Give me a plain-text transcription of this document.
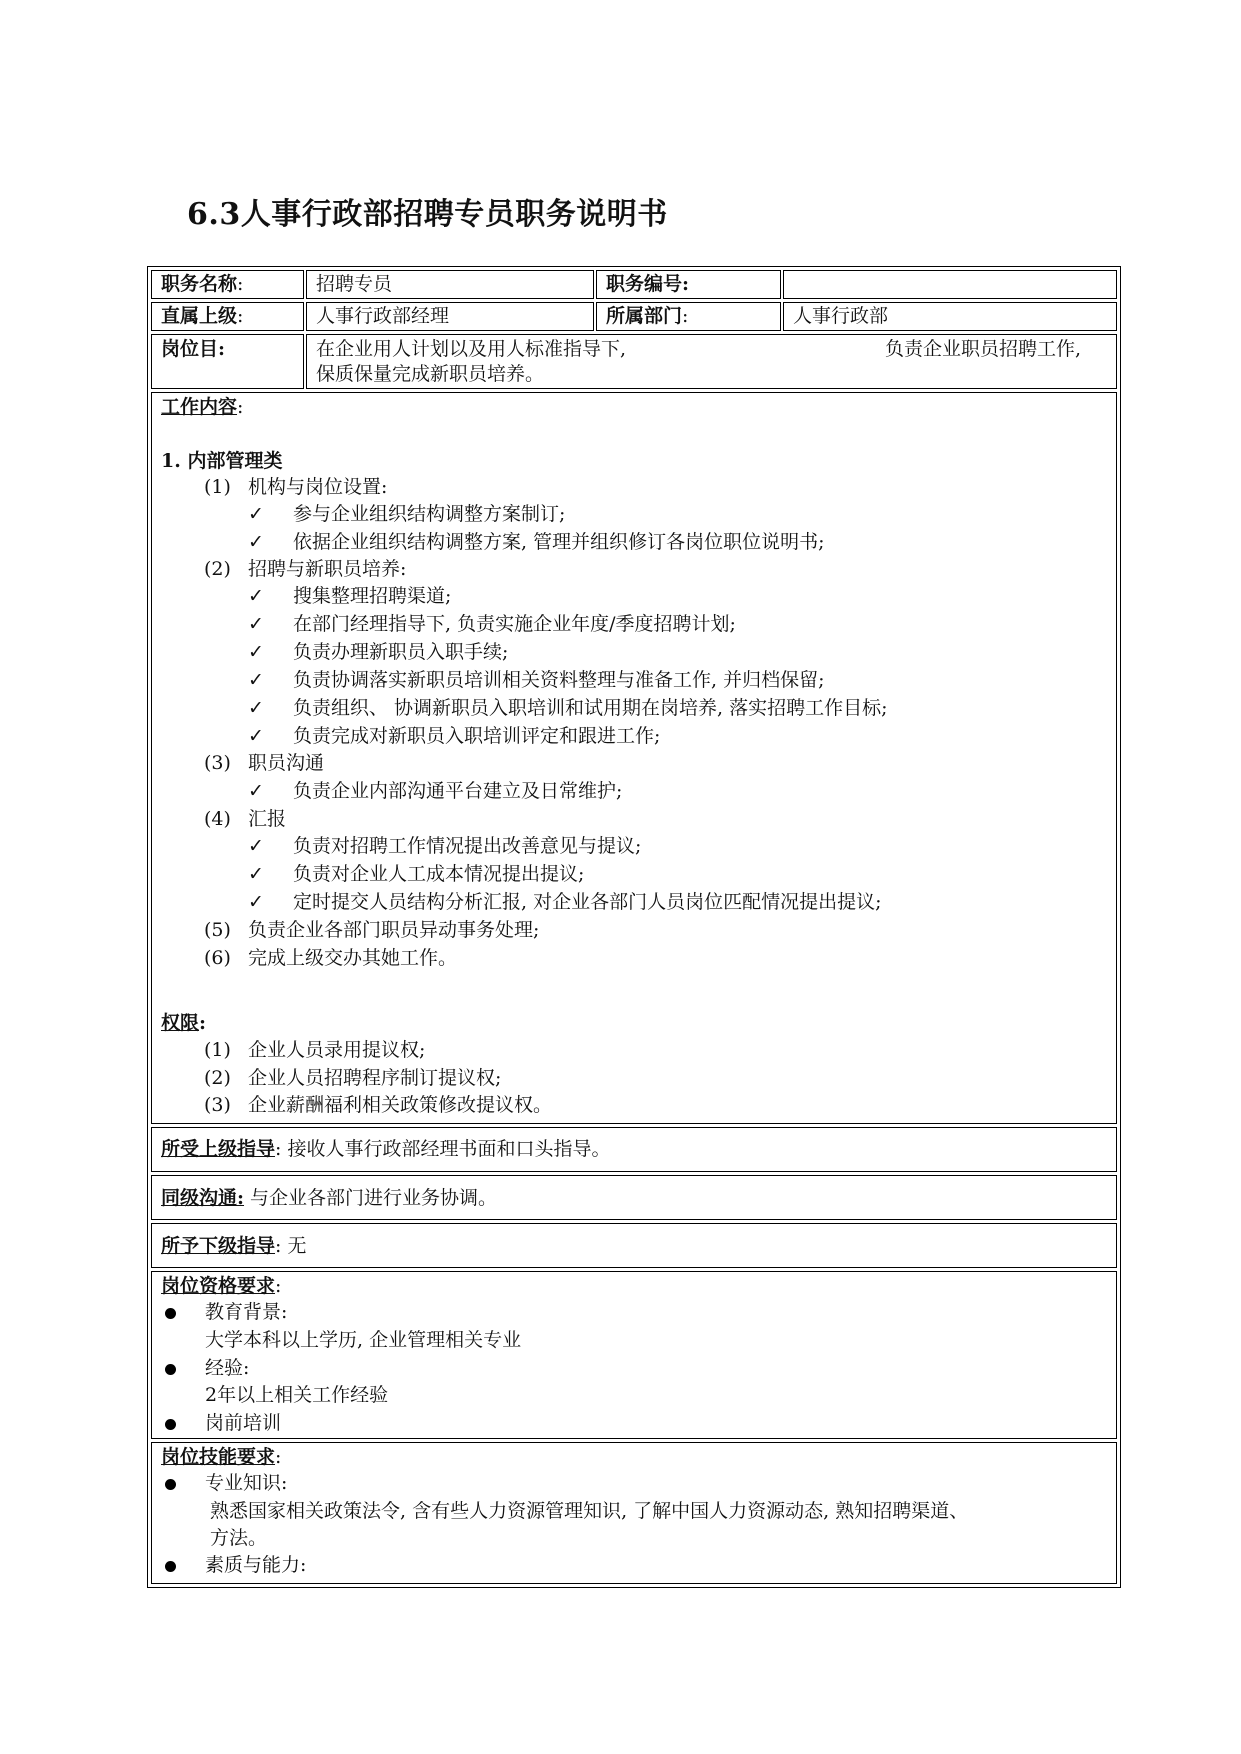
6.3人事行政部招聘专员职务说明书
职务名称:	招聘专员	职务编号:
直属上级:	人事行政部经理	所属部门:	人事行政部
岗位目:	在企业用人计划以及用人标准指导下,	负责企业职员招聘工作,
保质保量完成新职员培养。
工作内容:
1. 内部管理类
(1) 机构与岗位设置:
✓ 参与企业组织结构调整方案制订;
✓ 依据企业组织结构调整方案, 管理并组织修订各岗位职位说明书;
(2) 招聘与新职员培养:
✓ 搜集整理招聘渠道;
✓ 在部门经理指导下, 负责实施企业年度/季度招聘计划;
✓ 负责办理新职员入职手续;
✓ 负责协调落实新职员培训相关资料整理与准备工作, 并归档保留;
✓ 负责组织、 协调新职员入职培训和试用期在岗培养, 落实招聘工作目标;
✓ 负责完成对新职员入职培训评定和跟进工作;
(3) 职员沟通
✓ 负责企业内部沟通平台建立及日常维护;
(4) 汇报
✓ 负责对招聘工作情况提出改善意见与提议;
✓ 负责对企业人工成本情况提出提议;
✓ 定时提交人员结构分析汇报, 对企业各部门人员岗位匹配情况提出提议;
(5) 负责企业各部门职员异动事务处理;
(6) 完成上级交办其她工作。
权限:
(1) 企业人员录用提议权;
(2) 企业人员招聘程序制订提议权;
(3) 企业薪酬福利相关政策修改提议权。
所受上级指导: 接收人事行政部经理书面和口头指导。
同级沟通: 与企业各部门进行业务协调。
所予下级指导: 无
岗位资格要求:
教育背景:
大学本科以上学历, 企业管理相关专业
经验:
2年以上相关工作经验
岗前培训
岗位技能要求:
专业知识:
熟悉国家相关政策法令, 含有些人力资源管理知识, 了解中国人力资源动态, 熟知招聘渠道、
方法。
素质与能力:
